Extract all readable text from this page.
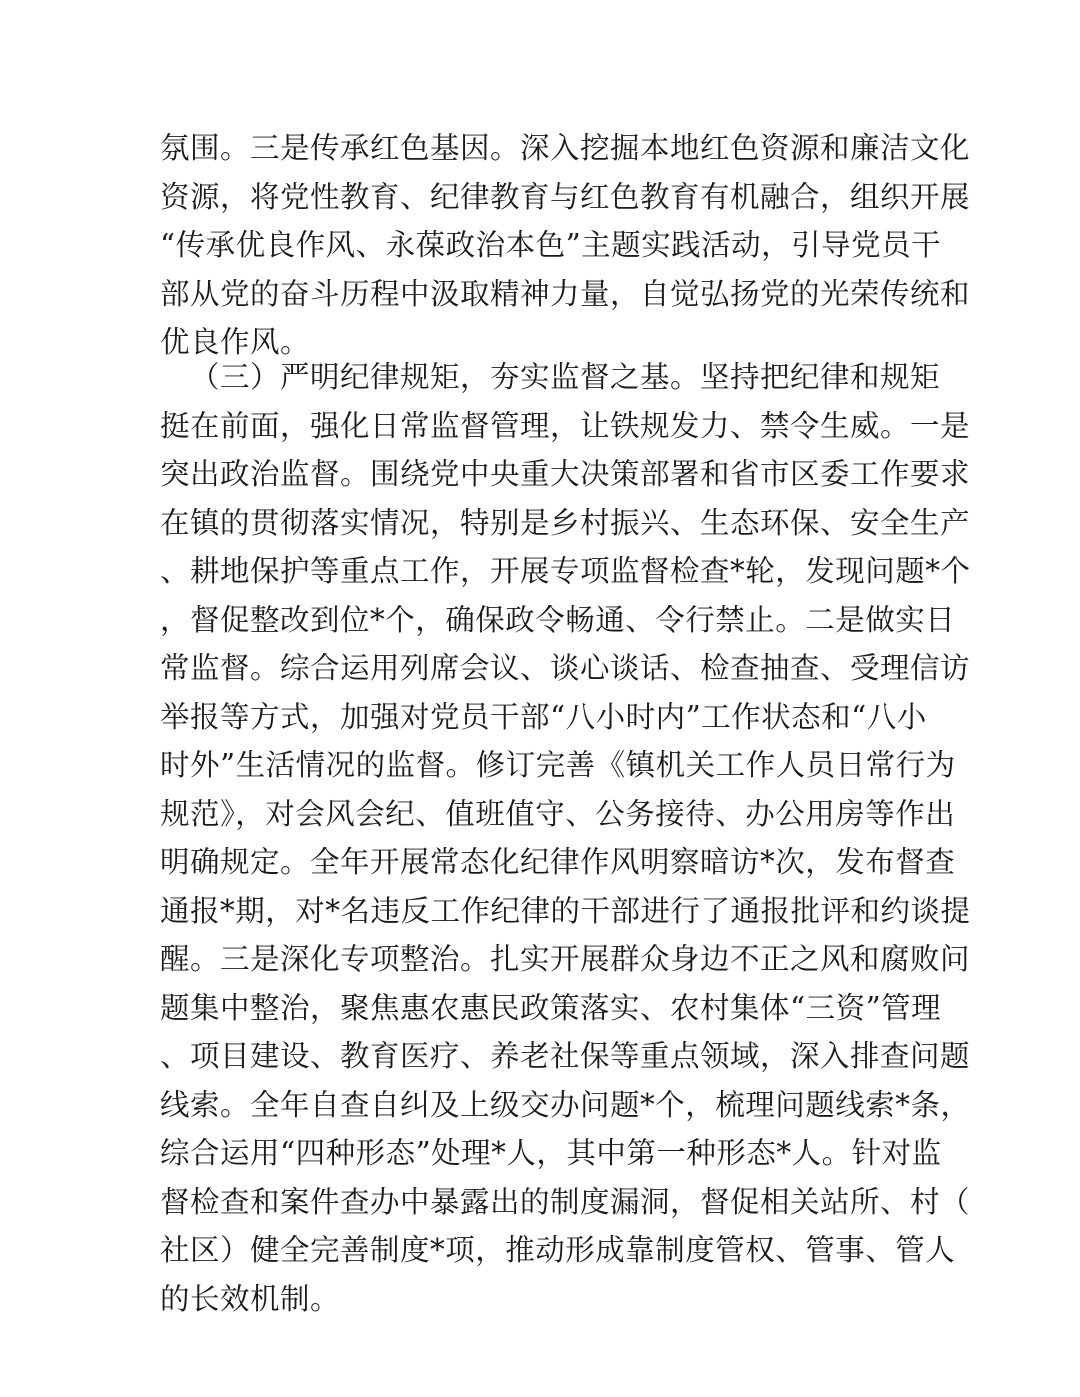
氛围。三是传承红色基因。深入挖掘本地红色资源和廉洁文化
资源，将党性教育、纪律教育与红色教育有机融合，组织开展
“传承优良作风、永葆政治本色”主题实践活动，引导党员干
部从党的奋斗历程中汲取精神力量，自觉弘扬党的光荣传统和
优良作风。
（三）严明纪律规矩，夯实监督之基。坚持把纪律和规矩
挺在前面，强化日常监督管理，让铁规发力、禁令生威。一是
突出政治监督。围绕党中央重大决策部署和省市区委工作要求
在镇的贯彻落实情况，特别是乡村振兴、生态环保、安全生产
、耕地保护等重点工作，开展专项监督检查*轮，发现问题*个
，督促整改到位*个，确保政令畅通、令行禁止。二是做实日
常监督。综合运用列席会议、谈心谈话、检查抽查、受理信访
举报等方式，加强对党员干部“八小时内”工作状态和“八小
时外”生活情况的监督。修订完善《镇机关工作人员日常行为
规范》，对会风会纪、值班值守、公务接待、办公用房等作出
明确规定。全年开展常态化纪律作风明察暗访*次，发布督查
通报*期，对*名违反工作纪律的干部进行了通报批评和约谈提
醒。三是深化专项整治。扎实开展群众身边不正之风和腐败问
题集中整治，聚焦惠农惠民政策落实、农村集体“三资”管理
、项目建设、教育医疗、养老社保等重点领域，深入排查问题
线索。全年自查自纠及上级交办问题*个，梳理问题线索*条，
综合运用“四种形态”处理*人，其中第一种形态*人。针对监
督检查和案件查办中暴露出的制度漏洞，督促相关站所、村（
社区）健全完善制度*项，推动形成靠制度管权、管事、管人
的长效机制。
